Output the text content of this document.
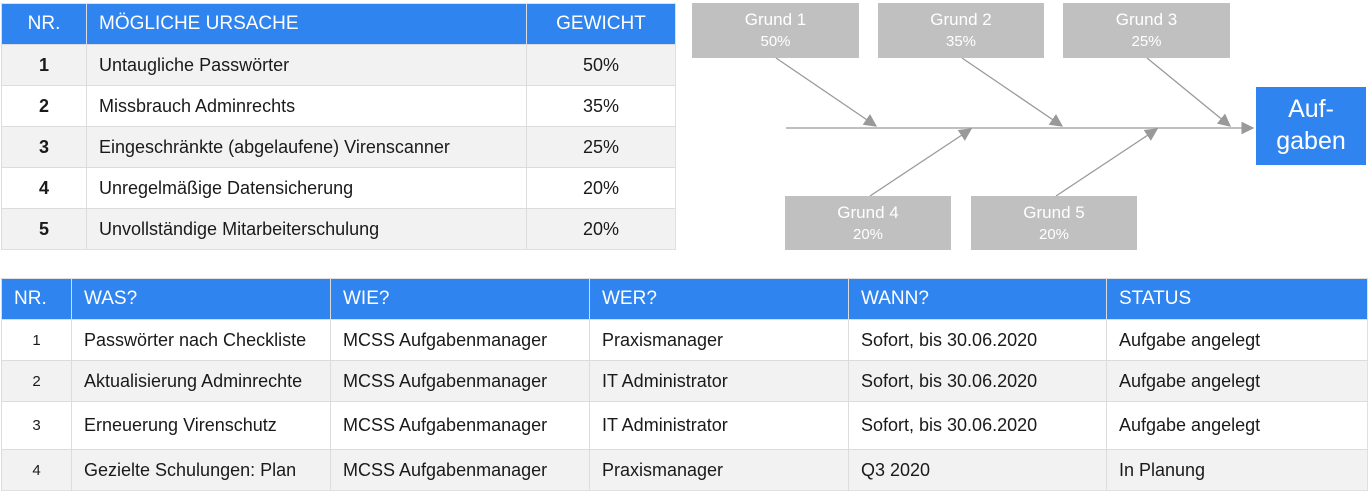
NR.	MÖGLICHE URSACHE	GEWICHT
1	Untaugliche Passwörter	50%
2	Missbrauch Adminrechts	35%
3	Eingeschränkte (abgelaufene) Virenscanner	25%
4	Unregelmäßige Datensicherung	20%
5	Unvollständige Mitarbeiterschulung	20%
Grund 1
50%
Grund 2
35%
Grund 3
25%
Grund 4
20%
Grund 5
20%
Auf-
gaben
NR.	WAS?	WIE?	WER?	WANN?	STATUS
1	Passwörter nach Checkliste	MCSS Aufgabenmanager	Praxismanager	Sofort, bis 30.06.2020	Aufgabe angelegt
2	Aktualisierung Adminrechte	MCSS Aufgabenmanager	IT Administrator	Sofort, bis 30.06.2020	Aufgabe angelegt
3	Erneuerung Virenschutz	MCSS Aufgabenmanager	IT Administrator	Sofort, bis 30.06.2020	Aufgabe angelegt
4	Gezielte Schulungen: Plan	MCSS Aufgabenmanager	Praxismanager	Q3 2020	In Planung
